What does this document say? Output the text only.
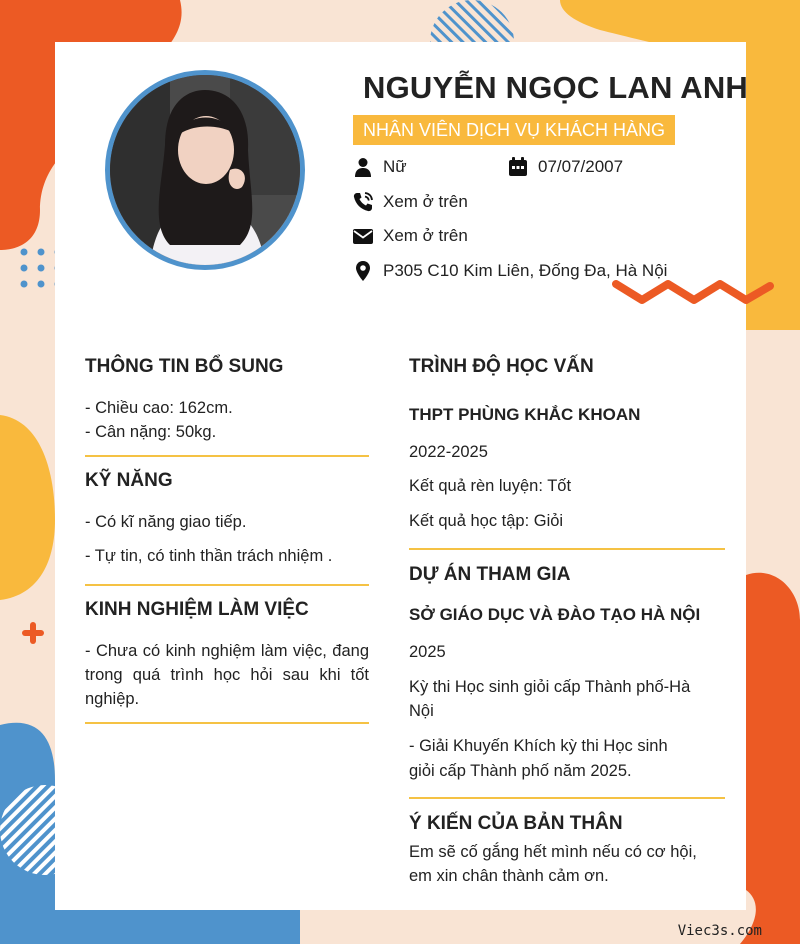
NGUYỄN NGỌC LAN ANH
NHÂN VIÊN DỊCH VỤ KHÁCH HÀNG
Nữ	07/07/2007
Xem ở trên
Xem ở trên
P305 C10 Kim Liên, Đống Đa, Hà Nội
THÔNG TIN BỔ SUNG
- Chiều cao: 162cm.
- Cân nặng: 50kg.
KỸ NĂNG
- Có kĩ năng giao tiếp.
- Tự tin, có tinh thần trách nhiệm .
KINH NGHIỆM LÀM VIỆC
- Chưa có kinh nghiệm làm việc, đang trong quá trình học hỏi sau khi tốt nghiệp.
TRÌNH ĐỘ HỌC VẤN
THPT PHÙNG KHẮC KHOAN
2022-2025
Kết quả rèn luyện: Tốt
Kết quả học tập: Giỏi
DỰ ÁN THAM GIA
SỞ GIÁO DỤC VÀ ĐÀO TẠO HÀ NỘI
2025
Kỳ thi Học sinh giỏi cấp Thành phố-Hà
Nội
- Giải Khuyến Khích kỳ thi Học sinh
giỏi cấp Thành phố năm 2025.
Ý KIẾN CỦA BẢN THÂN
Em sẽ cố gắng hết mình nếu có cơ hội,
em xin chân thành cảm ơn.
Viec3s.com
